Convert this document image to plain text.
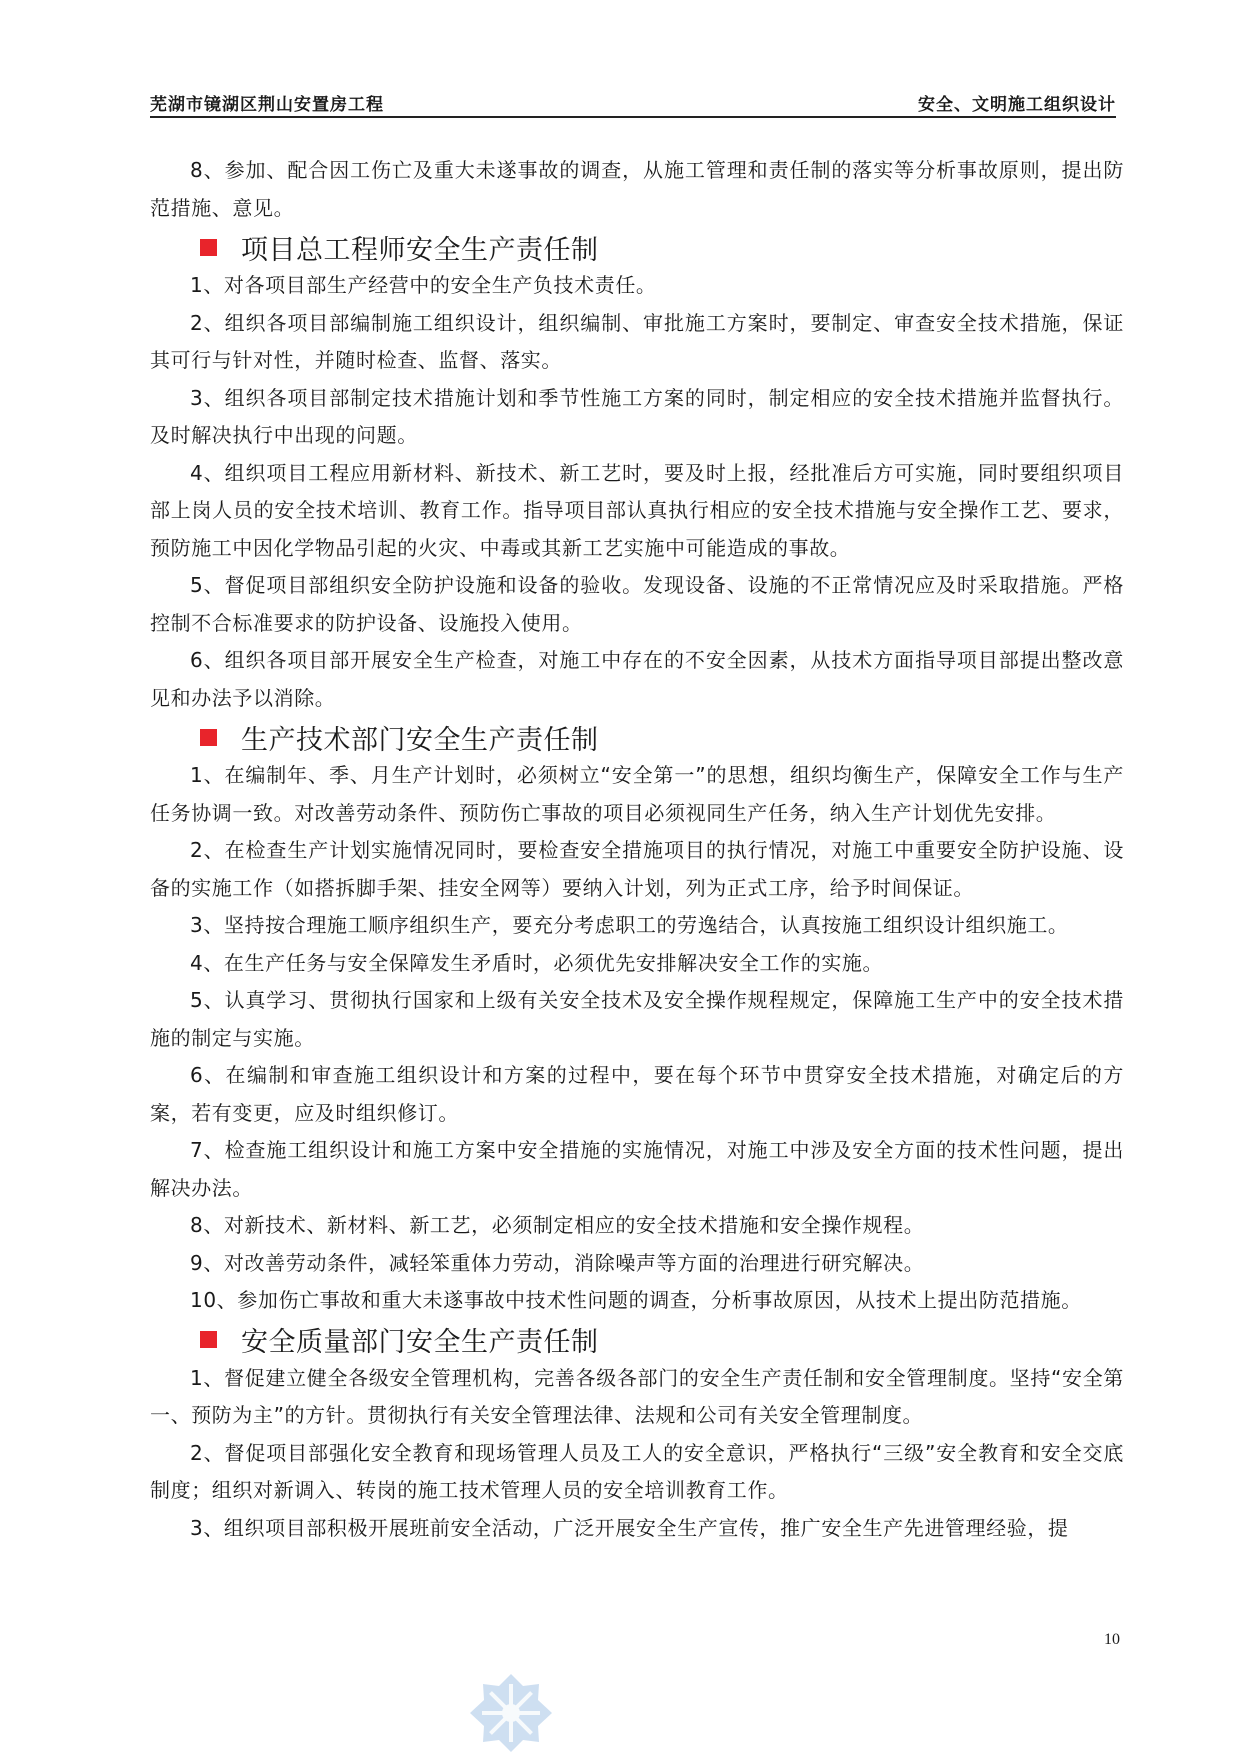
芜湖市镜湖区荆山安置房工程	安全、文明施工组织设计

8、参加、配合因工伤亡及重大未遂事故的调查，从施工管理和责任制的落实等分析事故原则，提出防范措施、意见。

项目总工程师安全生产责任制

1、对各项目部生产经营中的安全生产负技术责任。

2、组织各项目部编制施工组织设计，组织编制、审批施工方案时，要制定、审查安全技术措施，保证其可行与针对性，并随时检查、监督、落实。

3、组织各项目部制定技术措施计划和季节性施工方案的同时，制定相应的安全技术措施并监督执行。及时解决执行中出现的问题。

4、组织项目工程应用新材料、新技术、新工艺时，要及时上报，经批准后方可实施，同时要组织项目部上岗人员的安全技术培训、教育工作。指导项目部认真执行相应的安全技术措施与安全操作工艺、要求，预防施工中因化学物品引起的火灾、中毒或其新工艺实施中可能造成的事故。

5、督促项目部组织安全防护设施和设备的验收。发现设备、设施的不正常情况应及时采取措施。严格控制不合标准要求的防护设备、设施投入使用。

6、组织各项目部开展安全生产检查，对施工中存在的不安全因素，从技术方面指导项目部提出整改意见和办法予以消除。

生产技术部门安全生产责任制

1、在编制年、季、月生产计划时，必须树立“安全第一”的思想，组织均衡生产，保障安全工作与生产任务协调一致。对改善劳动条件、预防伤亡事故的项目必须视同生产任务，纳入生产计划优先安排。

2、在检查生产计划实施情况同时，要检查安全措施项目的执行情况，对施工中重要安全防护设施、设备的实施工作（如搭拆脚手架、挂安全网等）要纳入计划，列为正式工序，给予时间保证。

3、坚持按合理施工顺序组织生产，要充分考虑职工的劳逸结合，认真按施工组织设计组织施工。

4、在生产任务与安全保障发生矛盾时，必须优先安排解决安全工作的实施。

5、认真学习、贯彻执行国家和上级有关安全技术及安全操作规程规定，保障施工生产中的安全技术措施的制定与实施。

6、在编制和审查施工组织设计和方案的过程中，要在每个环节中贯穿安全技术措施，对确定后的方案，若有变更，应及时组织修订。

7、检查施工组织设计和施工方案中安全措施的实施情况，对施工中涉及安全方面的技术性问题，提出解决办法。

8、对新技术、新材料、新工艺，必须制定相应的安全技术措施和安全操作规程。

9、对改善劳动条件，减轻笨重体力劳动，消除噪声等方面的治理进行研究解决。

10、参加伤亡事故和重大未遂事故中技术性问题的调查，分析事故原因，从技术上提出防范措施。

安全质量部门安全生产责任制

1、督促建立健全各级安全管理机构，完善各级各部门的安全生产责任制和安全管理制度。坚持“安全第一、预防为主”的方针。贯彻执行有关安全管理法律、法规和公司有关安全管理制度。

2、督促项目部强化安全教育和现场管理人员及工人的安全意识，严格执行“三级”安全教育和安全交底制度；组织对新调入、转岗的施工技术管理人员的安全培训教育工作。

3、组织项目部积极开展班前安全活动，广泛开展安全生产宣传，推广安全生产先进管理经验，提

10
